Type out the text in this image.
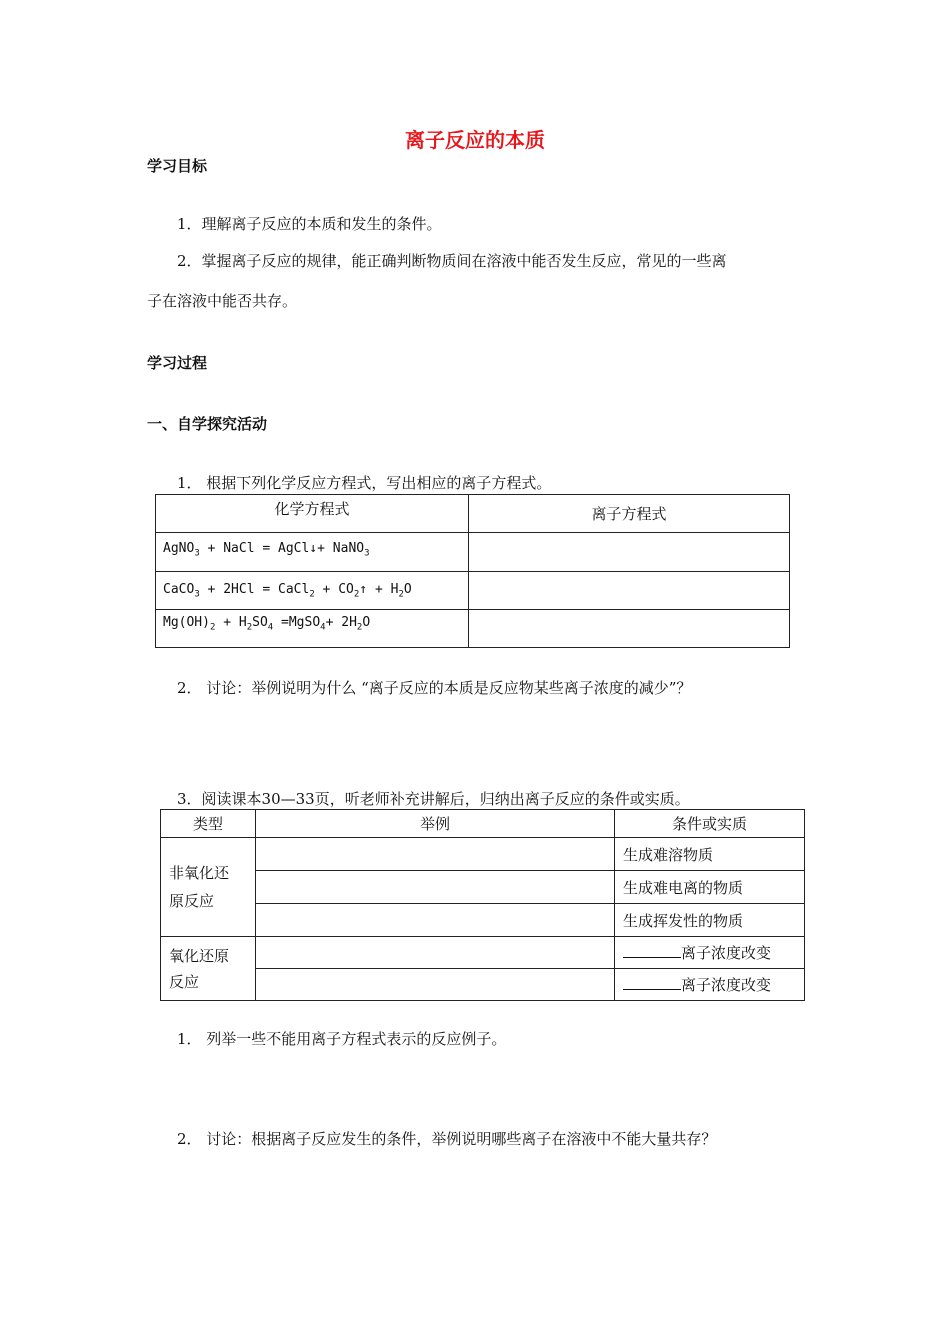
离子反应的本质
学习目标
1．理解离子反应的本质和发生的条件。
2．掌握离子反应的规律，能正确判断物质间在溶液中能否发生反应，常见的一些离
子在溶液中能否共存。
学习过程
一、自学探究活动
1． 根据下列化学反应方程式，写出相应的离子方程式。
化学方程式	离子方程式
AgNO$_3$ + NaCl = AgCl↓+ NaNO$_3$	
CaCO$_3$ + 2HCl = CaCl$_2$ + $CO_2↑ + H_2O$	
$Mg(OH)_2 + H_2SO_4$ =MgSO$_4$+ $2H_2O$	
2． 讨论：举例说明为什么 “离子反应的本质是反应物某些离子浓度的减少”？
3．阅读课本30—33页，听老师补充讲解后，归纳出离子反应的条件或实质。
类型	举例	条件或实质
非氧化还
原反应		生成难溶物质
		生成难电离的物质
		生成挥发性的物质
氧化还原
反应		离子浓度改变
		离子浓度改变
1． 列举一些不能用离子方程式表示的反应例子。
2． 讨论：根据离子反应发生的条件，举例说明哪些离子在溶液中不能大量共存？
